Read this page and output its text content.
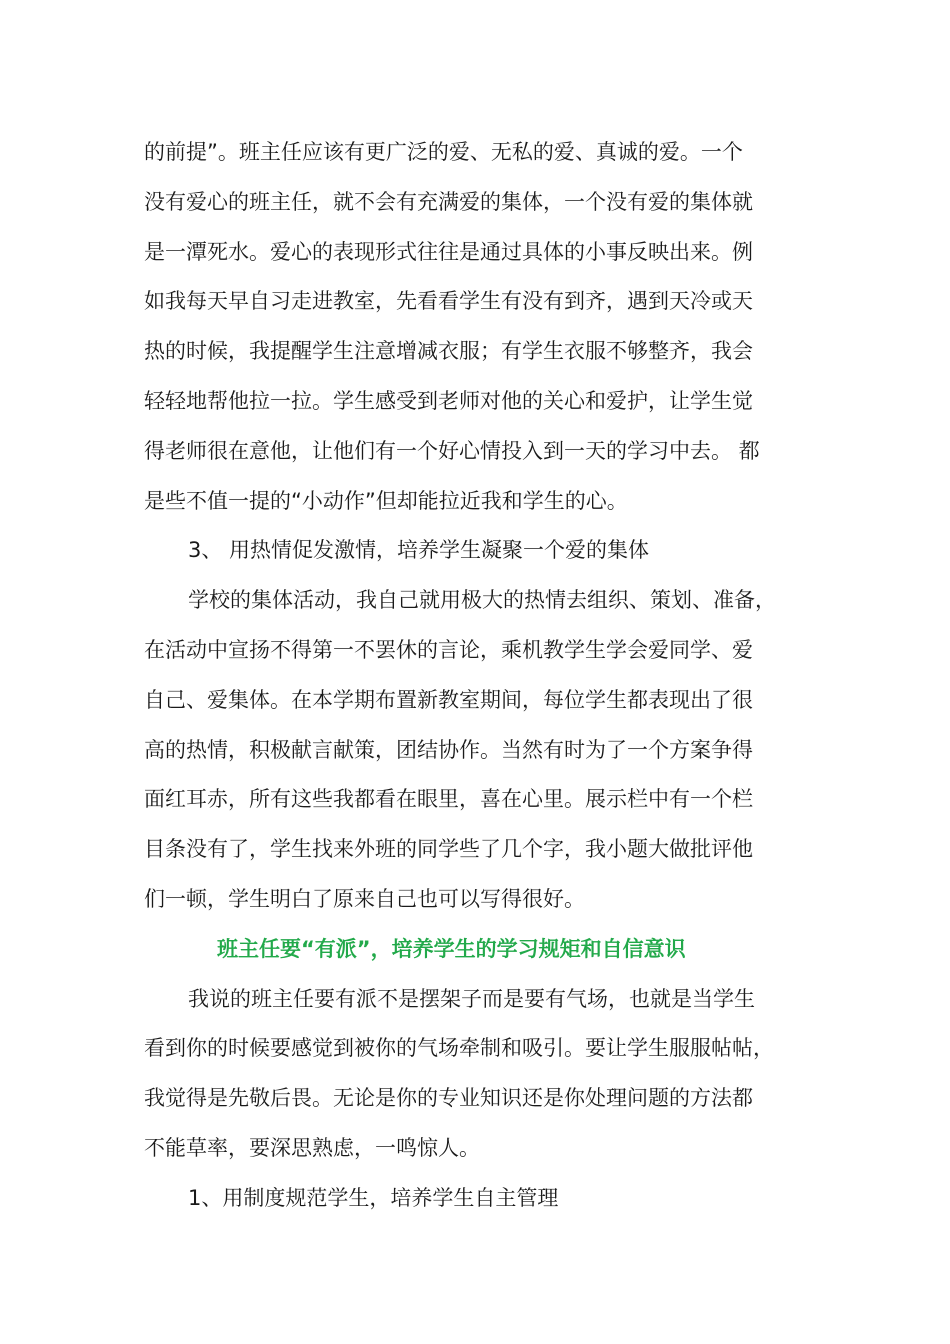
的前提”。班主任应该有更广泛的爱、无私的爱、真诚的爱。一个
没有爱心的班主任，就不会有充满爱的集体，一个没有爱的集体就
是一潭死水。爱心的表现形式往往是通过具体的小事反映出来。例
如我每天早自习走进教室，先看看学生有没有到齐，遇到天冷或天
热的时候，我提醒学生注意增减衣服；有学生衣服不够整齐，我会
轻轻地帮他拉一拉。学生感受到老师对他的关心和爱护，让学生觉
得老师很在意他，让他们有一个好心情投入到一天的学习中去。 都
是些不值一提的“小动作”但却能拉近我和学生的心。
3、 用热情促发激情，培养学生凝聚一个爱的集体
学校的集体活动，我自己就用极大的热情去组织、策划、准备，
在活动中宣扬不得第一不罢休的言论，乘机教学生学会爱同学、爱
自己、爱集体。在本学期布置新教室期间，每位学生都表现出了很
高的热情，积极献言献策，团结协作。当然有时为了一个方案争得
面红耳赤，所有这些我都看在眼里，喜在心里。展示栏中有一个栏
目条没有了，学生找来外班的同学些了几个字，我小题大做批评他
们一顿，学生明白了原来自己也可以写得很好。
班主任要“有派”，培养学生的学习规矩和自信意识
我说的班主任要有派不是摆架子而是要有气场，也就是当学生
看到你的时候要感觉到被你的气场牵制和吸引。要让学生服服帖帖，
我觉得是先敬后畏。无论是你的专业知识还是你处理问题的方法都
不能草率，要深思熟虑，一鸣惊人。
1、用制度规范学生，培养学生自主管理
